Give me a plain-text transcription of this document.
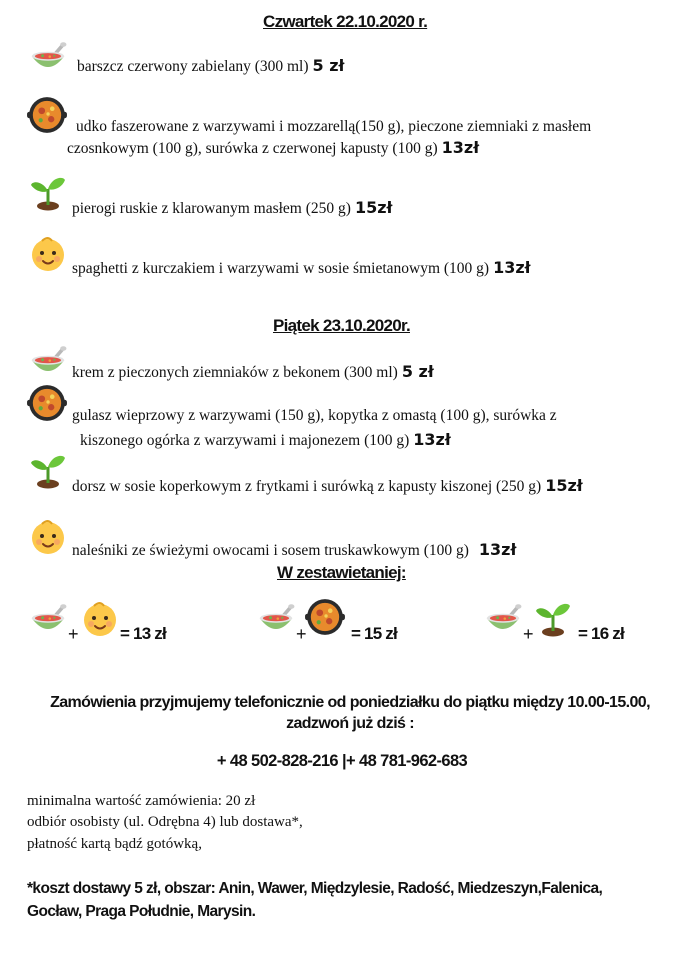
Czwartek 22.10.2020 r.
barszcz czerwony zabielany (300 ml) 5 zł
udko faszerowane z warzywami i mozzarellą(150 g), pieczone ziemniaki z masłem
czosnkowym (100 g), surówka z czerwonej kapusty (100 g) 13zł
pierogi ruskie z klarowanym masłem (250 g) 15zł
spaghetti z kurczakiem i warzywami w sosie śmietanowym (100 g) 13zł
Piątek 23.10.2020r.
krem z pieczonych ziemniaków z bekonem (300 ml) 5 zł
gulasz wieprzowy z warzywami (150 g), kopytka z omastą (100 g), surówka z
kiszonego ogórka z warzywami i majonezem (100 g) 13zł
dorsz w sosie koperkowym z frytkami i surówką z kapusty kiszonej (250 g) 15zł
naleśniki ze świeżymi owocami i sosem truskawkowym (100 g) 13zł
W zestawietaniej:
+ = 13 zł	+	= 15 zł	+	= 16 zł
Zamówienia przyjmujemy telefonicznie od poniedziałku do piątku między 10.00-15.00,
zadzwoń już dziś :
+ 48 502-828-216 |+ 48 781-962-683
minimalna wartość zamówienia: 20 zł
odbiór osobisty (ul. Odrębna 4) lub dostawa*,
płatność kartą bądź gotówką,
*koszt dostawy 5 zł, obszar: Anin, Wawer, Międzylesie, Radość, Miedzeszyn,Falenica,
Gocław, Praga Południe, Marysin.
